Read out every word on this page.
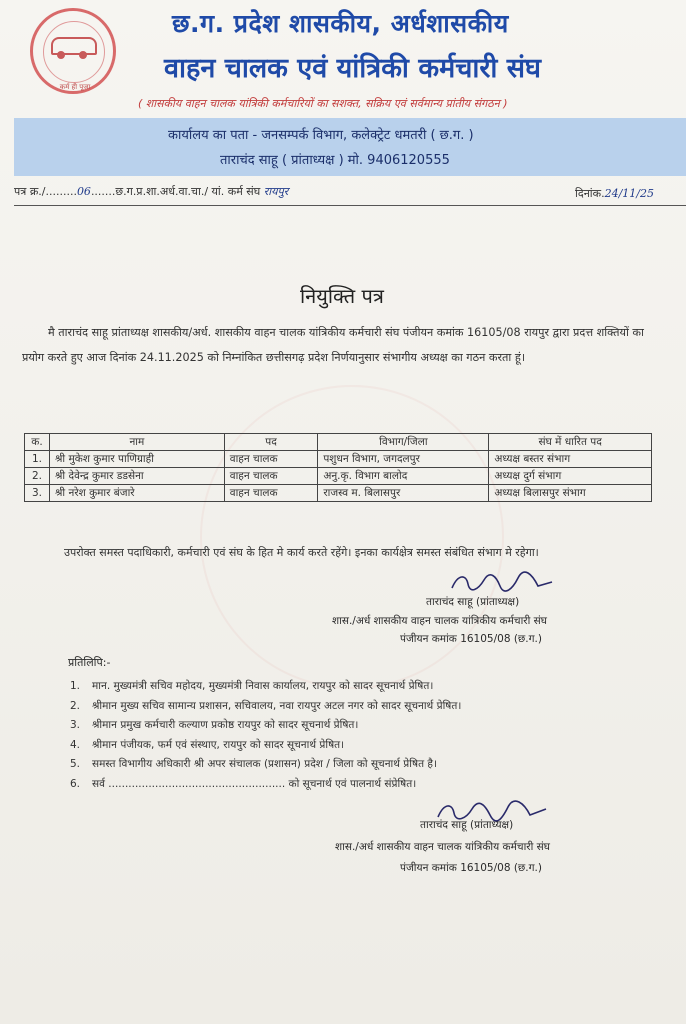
कर्म ही पूजा
छ.ग. प्रदेश शासकीय, अर्धशासकीय
वाहन चालक एवं यांत्रिकी कर्मचारी संघ
( शासकीय वाहन चालक यांत्रिकी कर्मचारियों का सशक्त, सक्रिय एवं सर्वमान्य प्रांतीय संगठन )
कार्यालय का पता - जनसम्पर्क विभाग, कलेक्ट्रेट धमतरी ( छ.ग. )
ताराचंद साहू ( प्रांताध्यक्ष ) मो. 9406120555
पत्र क्र./.........06.......छ.ग.प्र.शा.अर्ध.वा.चा./ यां. कर्म संघ रायपुर	दिनांक.24/11/25
नियुक्ति पत्र
मै ताराचंद साहू प्रांताध्यक्ष शासकीय/अर्ध. शासकीय वाहन चालक यांत्रिकीय कर्मचारी संघ पंजीयन कमांक 16105/08 रायपुर द्वारा प्रदत्त शक्तियों का प्रयोग करते हुए आज दिनांक 24.11.2025 को निम्नांकित छत्तीसगढ़ प्रदेश निर्णयानुसार संभागीय अध्यक्ष का गठन करता हूं।
क.	नाम	पद	विभाग/जिला	संघ में धारित पद
1.	श्री मुकेश कुमार पाणिग्राही	वाहन चालक	पशुधन विभाग, जगदलपुर	अध्यक्ष बस्तर संभाग
2.	श्री देवेन्द्र कुमार डडसेना	वाहन चालक	अनु.कृ. विभाग बालोद	अध्यक्ष दुर्ग संभाग
3.	श्री नरेश कुमार बंजारे	वाहन चालक	राजस्व म. बिलासपुर	अध्यक्ष बिलासपुर संभाग
उपरोक्त समस्त पदाधिकारी, कर्मचारी एवं संघ के हित मे कार्य करते रहेंगे। इनका कार्यक्षेत्र समस्त संबंधित संभाग मे रहेगा।
ताराचंद साहू (प्रांताध्यक्ष)
शास./अर्ध शासकीय वाहन चालक यांत्रिकीय कर्मचारी संघ
पंजीयन कमांक 16105/08 (छ.ग.)
प्रतिलिपि:-
1. मान. मुख्यमंत्री सचिव महोदय, मुख्यमंत्री निवास कार्यालय, रायपुर को सादर सूचनार्थ प्रेषित।
2. श्रीमान मुख्य सचिव सामान्य प्रशासन, सचिवालय, नवा रायपुर अटल नगर को सादर सूचनार्थ प्रेषित।
3. श्रीमान प्रमुख कर्मचारी कल्याण प्रकोष्ठ रायपुर को सादर सूचनार्थ प्रेषित।
4. श्रीमान पंजीयक, फर्म एवं संस्थाए, रायपुर को सादर सूचनार्थ प्रेषित।
5. समस्त विभागीय अधिकारी श्री अपर संचालक (प्रशासन) प्रदेश / जिला को सूचनार्थ प्रेषित है।
6. सर्व ..................................................... को सूचनार्थ एवं पालनार्थ संप्रेषित।
ताराचंद साहू (प्रांताध्यक्ष)
शास./अर्ध शासकीय वाहन चालक यांत्रिकीय कर्मचारी संघ
पंजीयन कमांक 16105/08 (छ.ग.)
